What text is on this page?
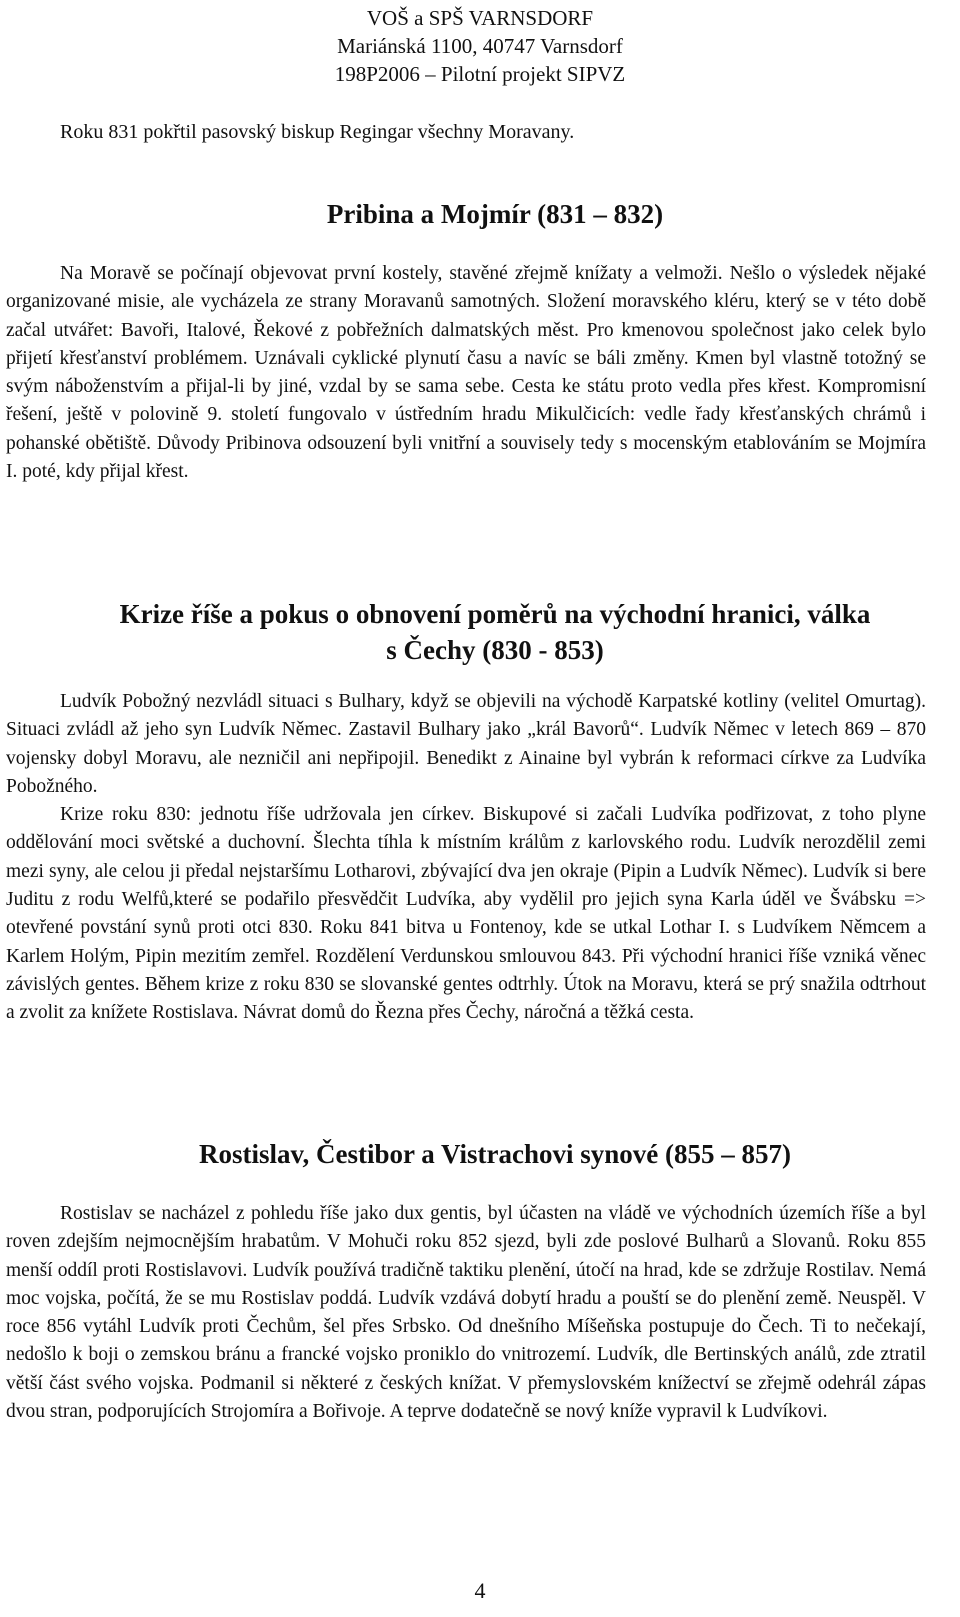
VOŠ a SPŠ VARNSDORF
Mariánská 1100, 40747 Varnsdorf
198P2006 – Pilotní projekt SIPVZ
Roku 831 pokřtil pasovský biskup Regingar všechny Moravany.
Pribina a Mojmír (831 – 832)

Na Moravě se počínají objevovat první kostely, stavěné zřejmě knížaty a velmoži. Nešlo o výsledek nějaké organizované misie, ale vycházela ze strany Moravanů samotných. Složení moravského kléru, který se v této době začal utvářet: Bavoři, Italové, Řekové z pobřežních dalmatských měst. Pro kmenovou společnost jako celek bylo přijetí křesťanství problémem. Uznávali cyklické plynutí času a navíc se báli změny. Kmen byl vlastně totožný se svým náboženstvím a přijal-li by jiné, vzdal by se sama sebe. Cesta ke státu proto vedla přes křest. Kompromisní řešení, ještě v polovině 9. století fungovalo v ústředním hradu Mikulčicích: vedle řady křesťanských chrámů i pohanské obětiště. Důvody Pribinova odsouzení byli vnitřní a souvisely tedy s mocenským etablováním se Mojmíra I. poté, kdy přijal křest.

Krize říše a pokus o obnovení poměrů na východní hranici, válka
s Čechy (830 - 853)

Ludvík Pobožný nezvládl situaci s Bulhary, když se objevili na východě Karpatské kotliny (velitel Omurtag). Situaci zvládl až jeho syn Ludvík Němec. Zastavil Bulhary jako „král Bavorů“. Ludvík Němec v letech 869 – 870 vojensky dobyl Moravu, ale nezničil ani nepřipojil. Benedikt z Ainaine byl vybrán k reformaci církve za Ludvíka Pobožného.

Krize roku 830: jednotu říše udržovala jen církev. Biskupové si začali Ludvíka podřizovat, z toho plyne oddělování moci světské a duchovní. Šlechta tíhla k místním králům z karlovského rodu. Ludvík nerozdělil zemi mezi syny, ale celou ji předal nejstaršímu Lotharovi, zbývající dva jen okraje (Pipin a Ludvík Němec). Ludvík si bere Juditu z rodu Welfů,které se podařilo přesvědčit Ludvíka, aby vydělil pro jejich syna Karla úděl ve Švábsku => otevřené povstání synů proti otci 830. Roku 841 bitva u Fontenoy, kde se utkal Lothar I. s Ludvíkem Němcem a Karlem Holým, Pipin mezitím zemřel. Rozdělení Verdunskou smlouvou 843. Při východní hranici říše vzniká věnec závislých gentes. Během krize z roku 830 se slovanské gentes odtrhly. Útok na Moravu, která se prý snažila odtrhout a zvolit za knížete Rostislava. Návrat domů do Řezna přes Čechy, náročná a těžká cesta.

Rostislav, Čestibor a Vistrachovi synové (855 – 857)

Rostislav se nacházel z pohledu říše jako dux gentis, byl účasten na vládě ve východních územích říše a byl roven zdejším nejmocnějším hrabatům. V Mohuči roku 852 sjezd, byli zde poslové Bulharů a Slovanů. Roku 855 menší oddíl proti Rostislavovi. Ludvík používá tradičně taktiku plenění, útočí na hrad, kde se zdržuje Rostilav. Nemá moc vojska, počítá, že se mu Rostislav poddá. Ludvík vzdává dobytí hradu a pouští se do plenění země. Neuspěl. V roce 856 vytáhl Ludvík proti Čechům, šel přes Srbsko. Od dnešního Míšeňska postupuje do Čech. Ti to nečekají, nedošlo k boji o zemskou bránu a francké vojsko proniklo do vnitrozemí. Ludvík, dle Bertinských análů, zde ztratil větší část svého vojska. Podmanil si některé z českých knížat. V přemyslovském knížectví se zřejmě odehrál zápas dvou stran, podporujících Strojomíra a Bořivoje. A teprve dodatečně se nový kníže vypravil k Ludvíkovi.

4
